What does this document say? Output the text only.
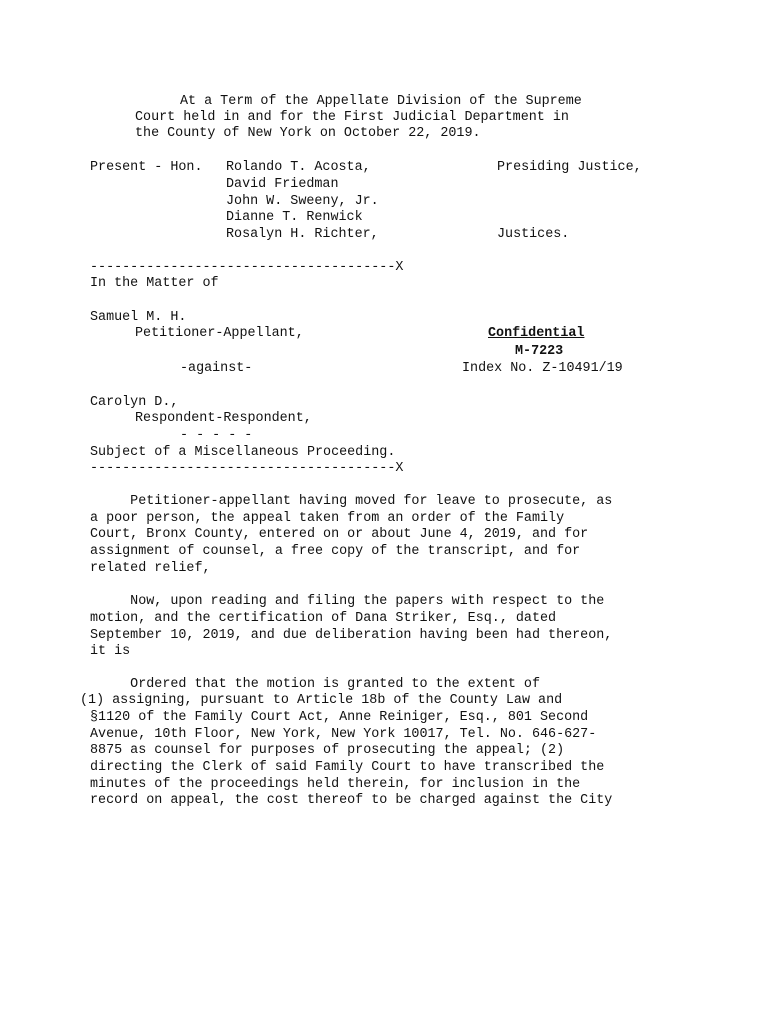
At a Term of the Appellate Division of the Supreme
Court held in and for the First Judicial Department in
the County of New York on October 22, 2019.
Present - Hon. Rolando T. Acosta,	Presiding Justice,
David Friedman
John W. Sweeny, Jr.
Dianne T. Renwick
Rosalyn H. Richter,	Justices.
--------------------------------------X
In the Matter of
Samuel M. H.
Petitioner-Appellant,	Confidential
M-7223
-against-	Index No. Z-10491/19
Carolyn D.,
Respondent-Respondent,
- - - - -
Subject of a Miscellaneous Proceeding.
--------------------------------------X
Petitioner-appellant having moved for leave to prosecute, as
a poor person, the appeal taken from an order of the Family
Court, Bronx County, entered on or about June 4, 2019, and for
assignment of counsel, a free copy of the transcript, and for
related relief,
Now, upon reading and filing the papers with respect to the
motion, and the certification of Dana Striker, Esq., dated
September 10, 2019, and due deliberation having been had thereon,
it is
Ordered that the motion is granted to the extent of
(1) assigning, pursuant to Article 18b of the County Law and
§1120 of the Family Court Act, Anne Reiniger, Esq., 801 Second
Avenue, 10th Floor, New York, New York 10017, Tel. No. 646-627-
8875 as counsel for purposes of prosecuting the appeal; (2)
directing the Clerk of said Family Court to have transcribed the
minutes of the proceedings held therein, for inclusion in the
record on appeal, the cost thereof to be charged against the City
